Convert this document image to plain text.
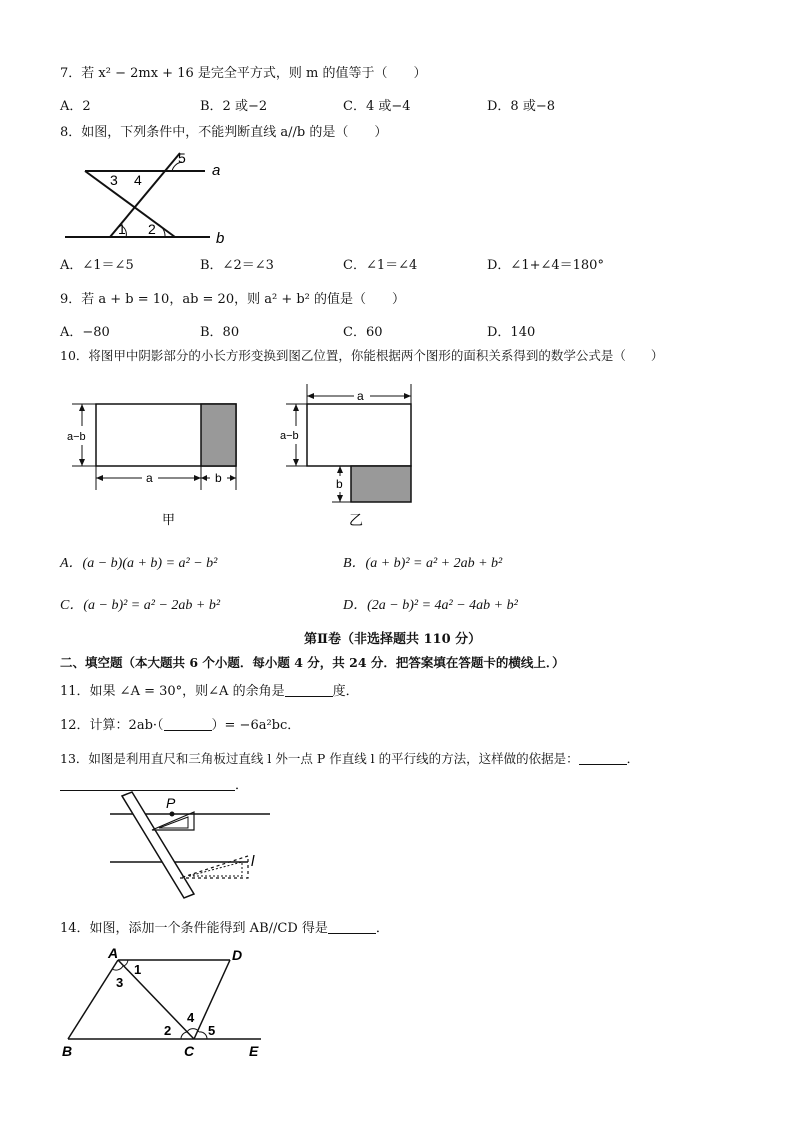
7．若 x² − 2mx + 16 是完全平方式，则 m 的值等于（　　）
A．2	B．2 或−2	C．4 或−4	D．8 或−8
8．如图，下列条件中，不能判断直线 a//b 的是（　　）
3 4
5
a
1 2
b
A．∠1＝∠5	B．∠2＝∠3	C．∠1＝∠4	D．∠1+∠4＝180°
9．若 a + b = 10，ab = 20，则 a² + b² 的值是（　　）
A．−80	B．80	C．60	D．140
10．将图甲中阴影部分的小长方形变换到图乙位置，你能根据两个图形的面积关系得到的数学公式是（　　）
a−b
a	b
甲
a
a−b
b
乙
A．(a − b)(a + b) = a² − b²	B．(a + b)² = a² + 2ab + b²
C．(a − b)² = a² − 2ab + b²	D．(2a − b)² = 4a² − 4ab + b²
第Ⅱ卷（非选择题共 110 分）
二、填空题（本大题共 6 个小题．每小题 4 分，共 24 分．把答案填在答题卡的横线上．）
11．如果 ∠A = 30°，则∠A 的余角是	度．
12．计算：2ab·（	）= −6a²bc．
13．如图是利用直尺和三角板过直线 l 外一点 P 作直线 l 的平行线的方法，这样做的依据是：	．
．
P
l
14．如图，添加一个条件能得到 AB//CD 得是	．
A	D
1
3
4
2	5
B	C	E
